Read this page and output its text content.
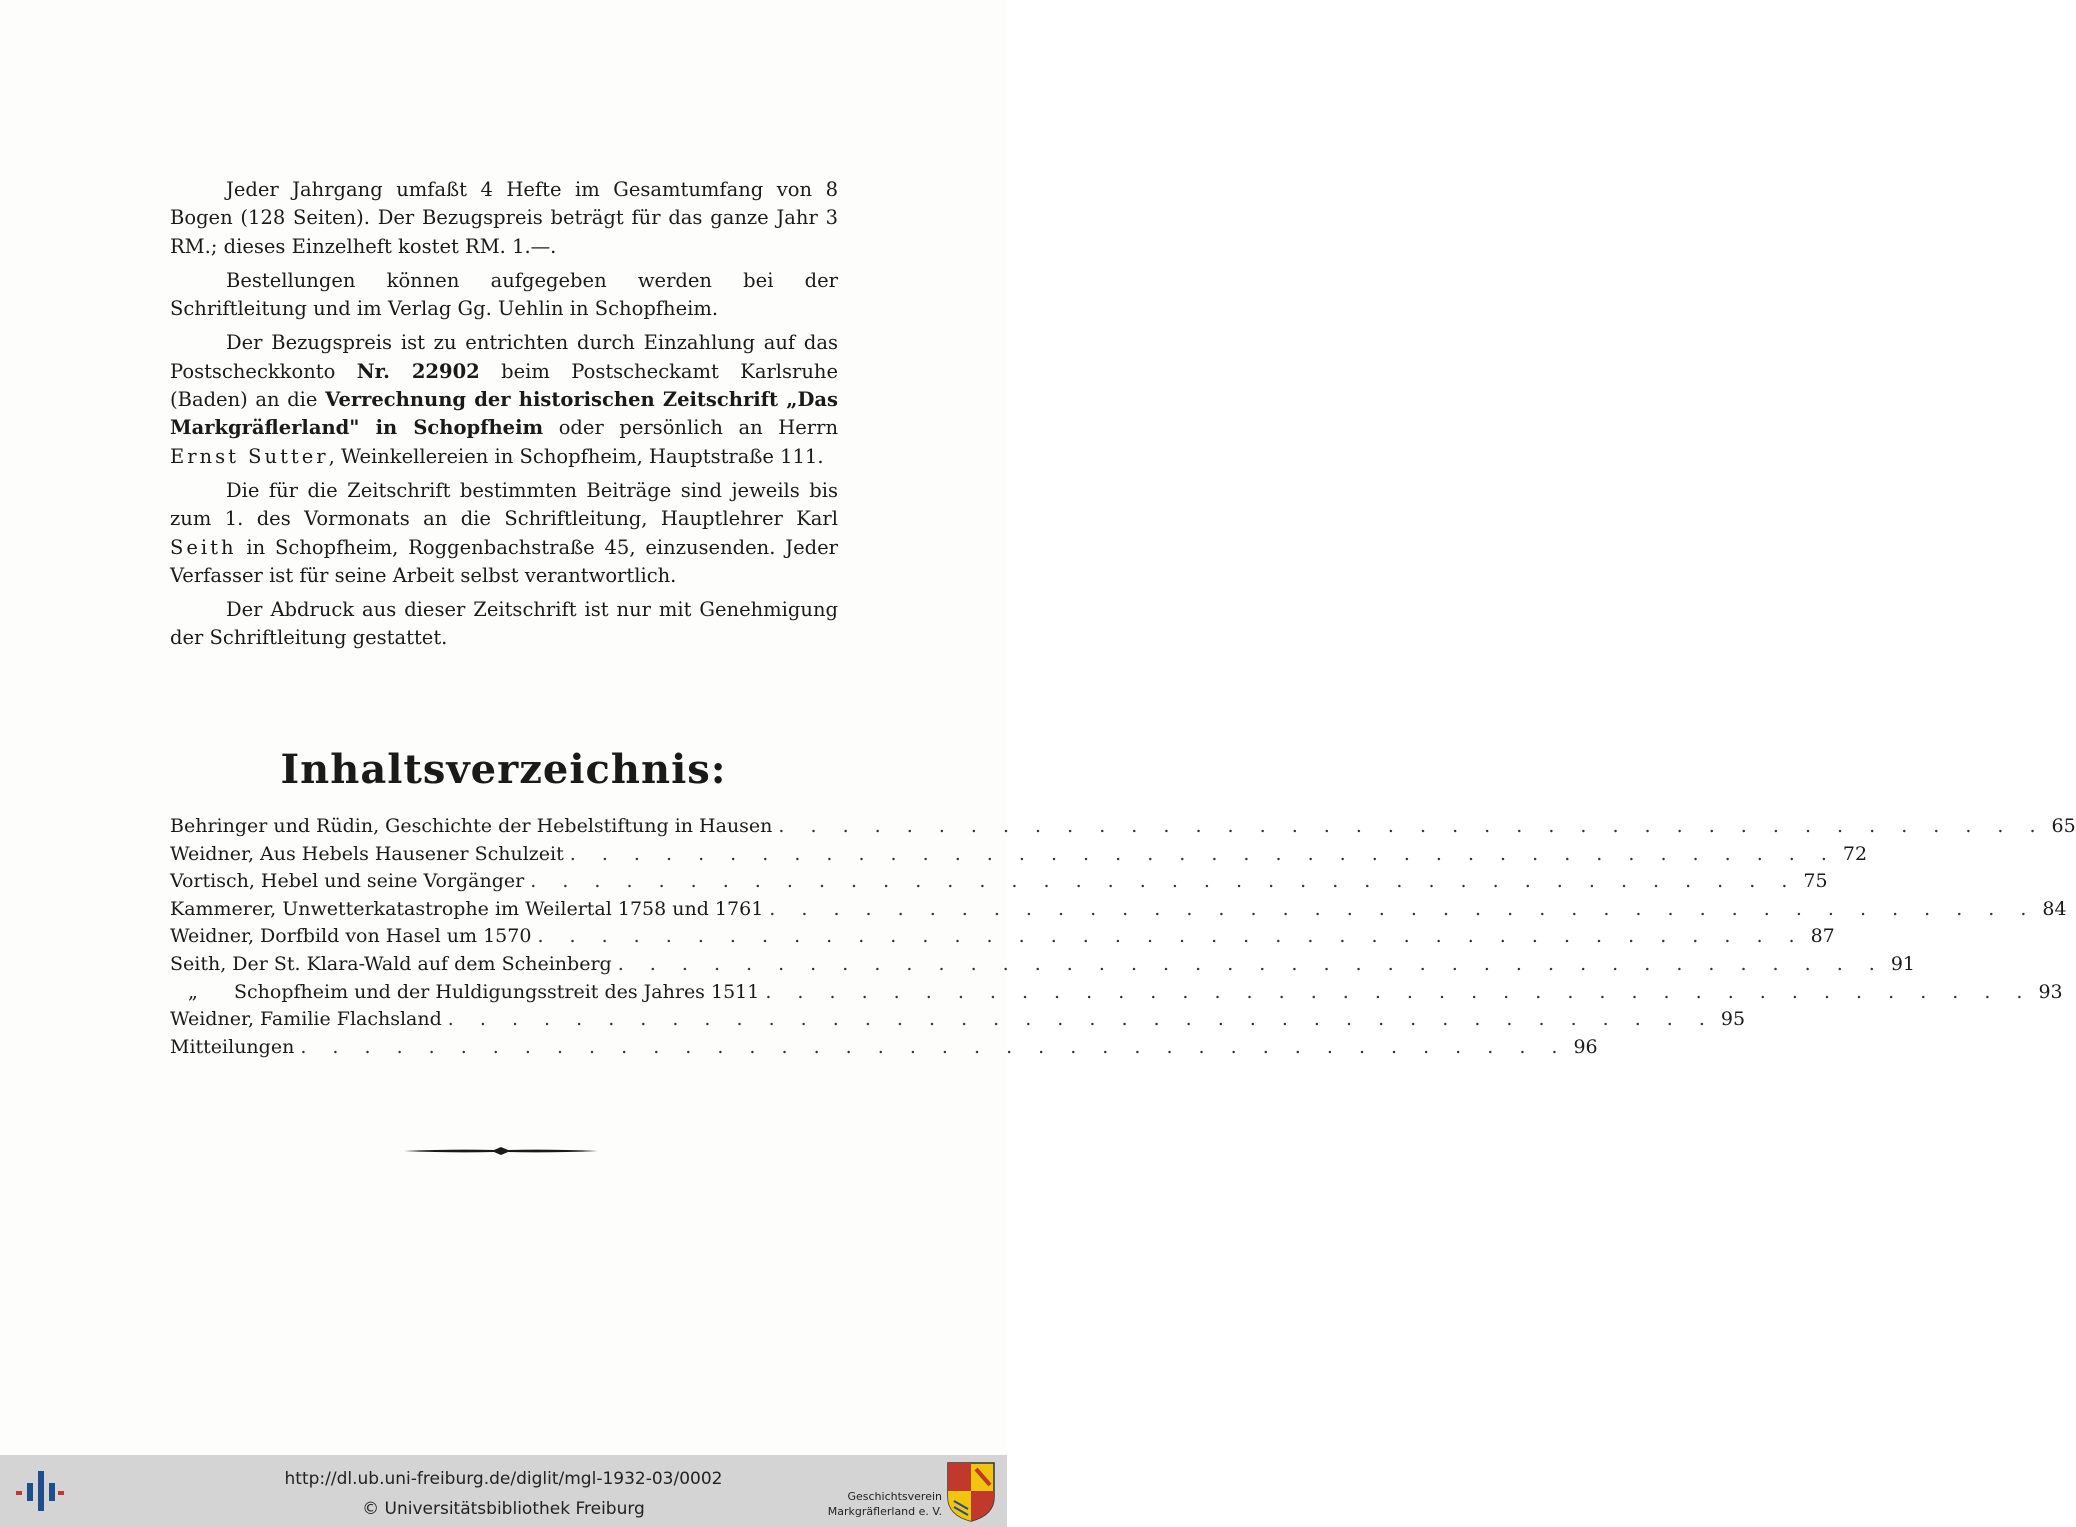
Jeder Jahrgang umfaßt 4 Hefte im Gesamtumfang von 8 Bogen (128 Seiten). Der Bezugspreis beträgt für das ganze Jahr 3 RM.; dieses Einzelheft kostet RM. 1.—.

Bestellungen können aufgegeben werden bei der Schriftleitung und im Verlag Gg. Uehlin in Schopfheim.

Der Bezugspreis ist zu entrichten durch Einzahlung auf das Postscheckkonto Nr. 22902 beim Postscheckamt Karlsruhe (Baden) an die Verrechnung der historischen Zeitschrift „Das Markgräflerland" in Schopfheim oder persönlich an Herrn Ernst Sutter, Weinkellereien in Schopfheim, Hauptstraße 111.

Die für die Zeitschrift bestimmten Beiträge sind jeweils bis zum 1. des Vormonats an die Schriftleitung, Hauptlehrer Karl Seith in Schopfheim, Roggenbachstraße 45, einzusenden. Jeder Verfasser ist für seine Arbeit selbst verantwortlich.

Der Abdruck aus dieser Zeitschrift ist nur mit Genehmigung der Schriftleitung gestattet.

Inhaltsverzeichnis:
Behringer und Rüdin, Geschichte der Hebelstiftung in Hausen . . . . . . . . . . . . . . . . . . . . . . . . . . . . . . . . . . . . . . . . 65
Weidner, Aus Hebels Hausener Schulzeit . . . . . . . . . . . . . . . . . . . . . . . . . . . . . . . . . . . . . . . . 72
Vortisch, Hebel und seine Vorgänger . . . . . . . . . . . . . . . . . . . . . . . . . . . . . . . . . . . . . . . . 75
Kammerer, Unwetterkatastrophe im Weilertal 1758 und 1761 . . . . . . . . . . . . . . . . . . . . . . . . . . . . . . . . . . . . . . . . 84
Weidner, Dorfbild von Hasel um 1570 . . . . . . . . . . . . . . . . . . . . . . . . . . . . . . . . . . . . . . . . 87
Seith, Der St. Klara-Wald auf dem Scheinberg . . . . . . . . . . . . . . . . . . . . . . . . . . . . . . . . . . . . . . . . 91
„ Schopfheim und der Huldigungsstreit des Jahres 1511 . . . . . . . . . . . . . . . . . . . . . . . . . . . . . . . . . . . . . . . . 93
Weidner, Familie Flachsland . . . . . . . . . . . . . . . . . . . . . . . . . . . . . . . . . . . . . . . . 95
Mitteilungen . . . . . . . . . . . . . . . . . . . . . . . . . . . . . . . . . . . . . . . . 96
http://dl.ub.uni-freiburg.de/diglit/mgl-1932-03/0002
© Universitätsbibliothek Freiburg
Geschichtsverein
Markgräflerland e. V.
